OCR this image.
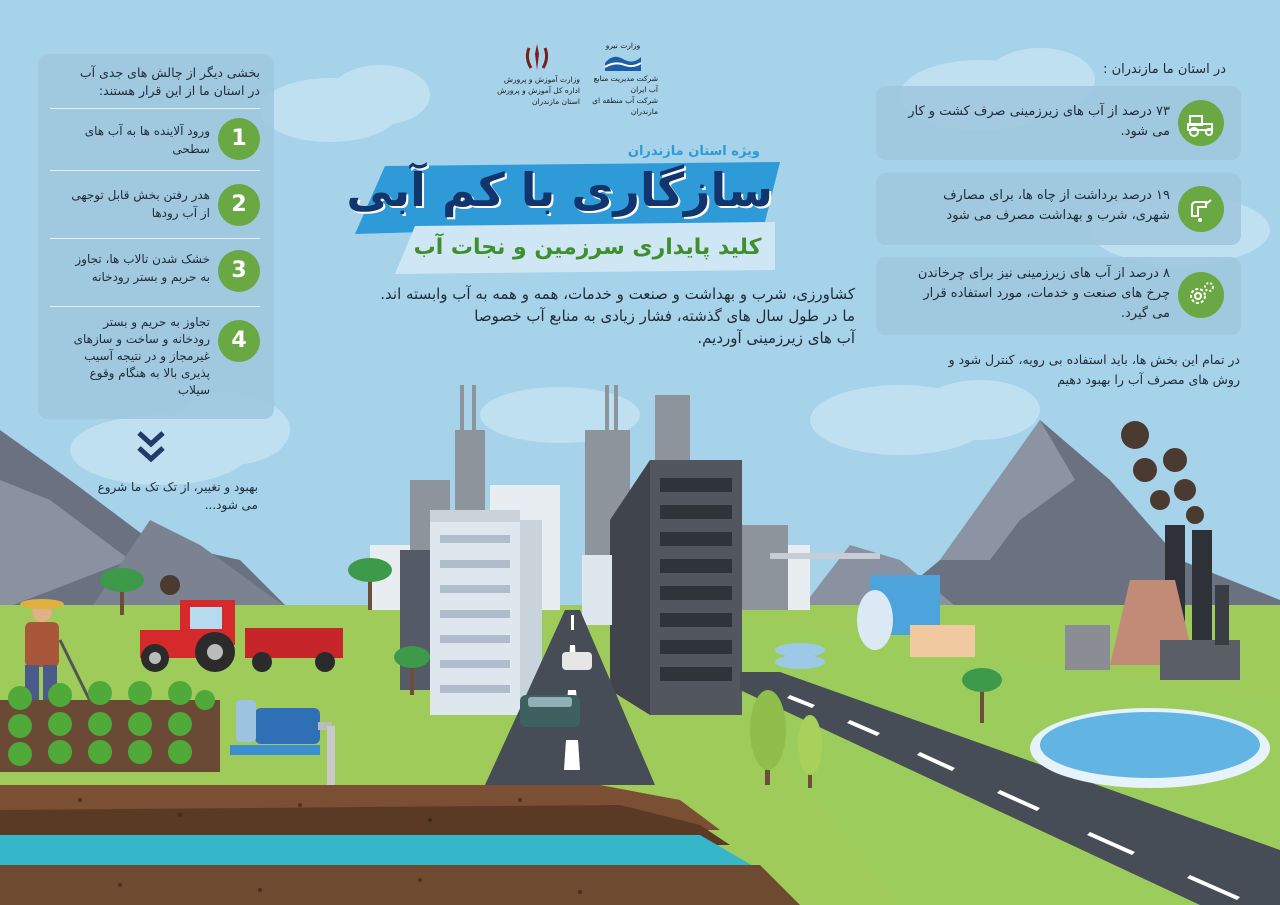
وزارت نیرو
شرکت مدیریت منابع آب ایران
شرکت آب منطقه ای مازندران
وزارت آموزش و پرورش
اداره کل آموزش و پرورش استان مازندران
ویژه استان مازندران
سازگاری با کم آبی
کلید پایداری سرزمین و نجات آب
کشاورزی، شرب و بهداشت و صنعت و خدمات، همه و همه به آب وابسته اند.
ما در طول سال های گذشته، فشار زیادی به منابع آب خصوصا
آب های زیرزمینی آوردیم.
بخشی دیگر از چالش های جدی آب
در استان ما از این قرار هستند:
1
ورود آلاینده ها به آب های
سطحی
2
هدر رفتن بخش قابل توجهی
از آب رودها
3
خشک شدن تالاب ها، تجاوز
به حریم و بستر رودخانه
4
تجاوز به حریم و بستر
رودخانه و ساخت و سازهای
غیرمجاز و در نتیجه آسیب
پذیری بالا به هنگام وقوع
سیلاب
بهبود و تغییر، از تک تک ما شروع
می شود...
در استان ما مازندران :
۷۳ درصد از آب های زیرزمینی صرف کشت و کار
می شود.
۱۹ درصد برداشت از چاه ها، برای مصارف
شهری، شرب و بهداشت مصرف می شود
۸ درصد از آب های زیرزمینی نیز برای چرخاندن
چرخ های صنعت و خدمات، مورد استفاده قرار
می گیرد.
در تمام این بخش ها، باید استفاده بی رویه، کنترل شود و
روش های مصرف آب را بهبود دهیم
